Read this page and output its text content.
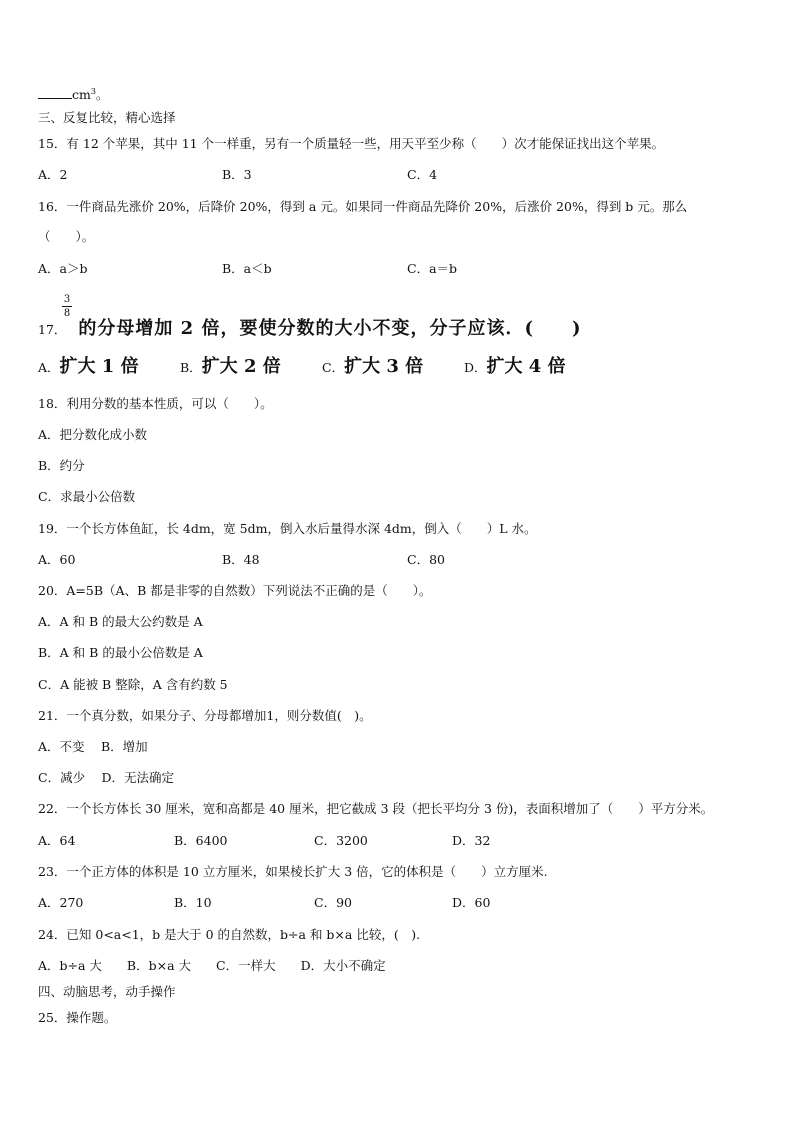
$cm^3$。
三、反复比较，精心选择
15．有 12 个苹果，其中 11 个一样重，另有一个质量轻一些，用天平至少称（　　）次才能保证找出这个苹果。
A．2	B．3	C．4
16．一件商品先涨价 20%，后降价 20%，得到 a 元。如果同一件商品先降价 20%，后涨价 20%，得到 b 元。那么
（　　）。
A．a＞b	B．a＜b	C．a＝b
3
8
17． 的分母增加 2 倍，要使分数的大小不变，分子应该．(　　)
A．扩大 1 倍	B．扩大 2 倍	C．扩大 3 倍	D．扩大 4 倍
18．利用分数的基本性质，可以（　　）。
A．把分数化成小数
B．约分
C．求最小公倍数
19．一个长方体鱼缸，长 4dm，宽 5dm，倒入水后量得水深 4dm，倒入（　　）L 水。
A．60	B．48	C．80
20．A=5B（A、B 都是非零的自然数）下列说法不正确的是（　　）。
A．A 和 B 的最大公约数是 A
B．A 和 B 的最小公倍数是 A
C．A 能被 B 整除，A 含有约数 5
21．一个真分数，如果分子、分母都增加1，则分数值(　)。
A．不变　 B．增加
C．减少　 D．无法确定
22．一个长方体长 30 厘米，宽和高都是 40 厘米，把它截成 3 段（把长平均分 3 份)，表面积增加了（　　）平方分米。
A．64	B．6400	C．3200	D．32
23．一个正方体的体积是 10 立方厘米，如果棱长扩大 3 倍，它的体积是（　　）立方厘米.
A．270	B．10	C．90	D．60
24．已知 0<a<1，b 是大于 0 的自然数，b÷a 和 b×a 比较，(　).
A．b÷a 大　　B．b×a 大　　C．一样大　　D．大小不确定
四、动脑思考，动手操作
25．操作题。
